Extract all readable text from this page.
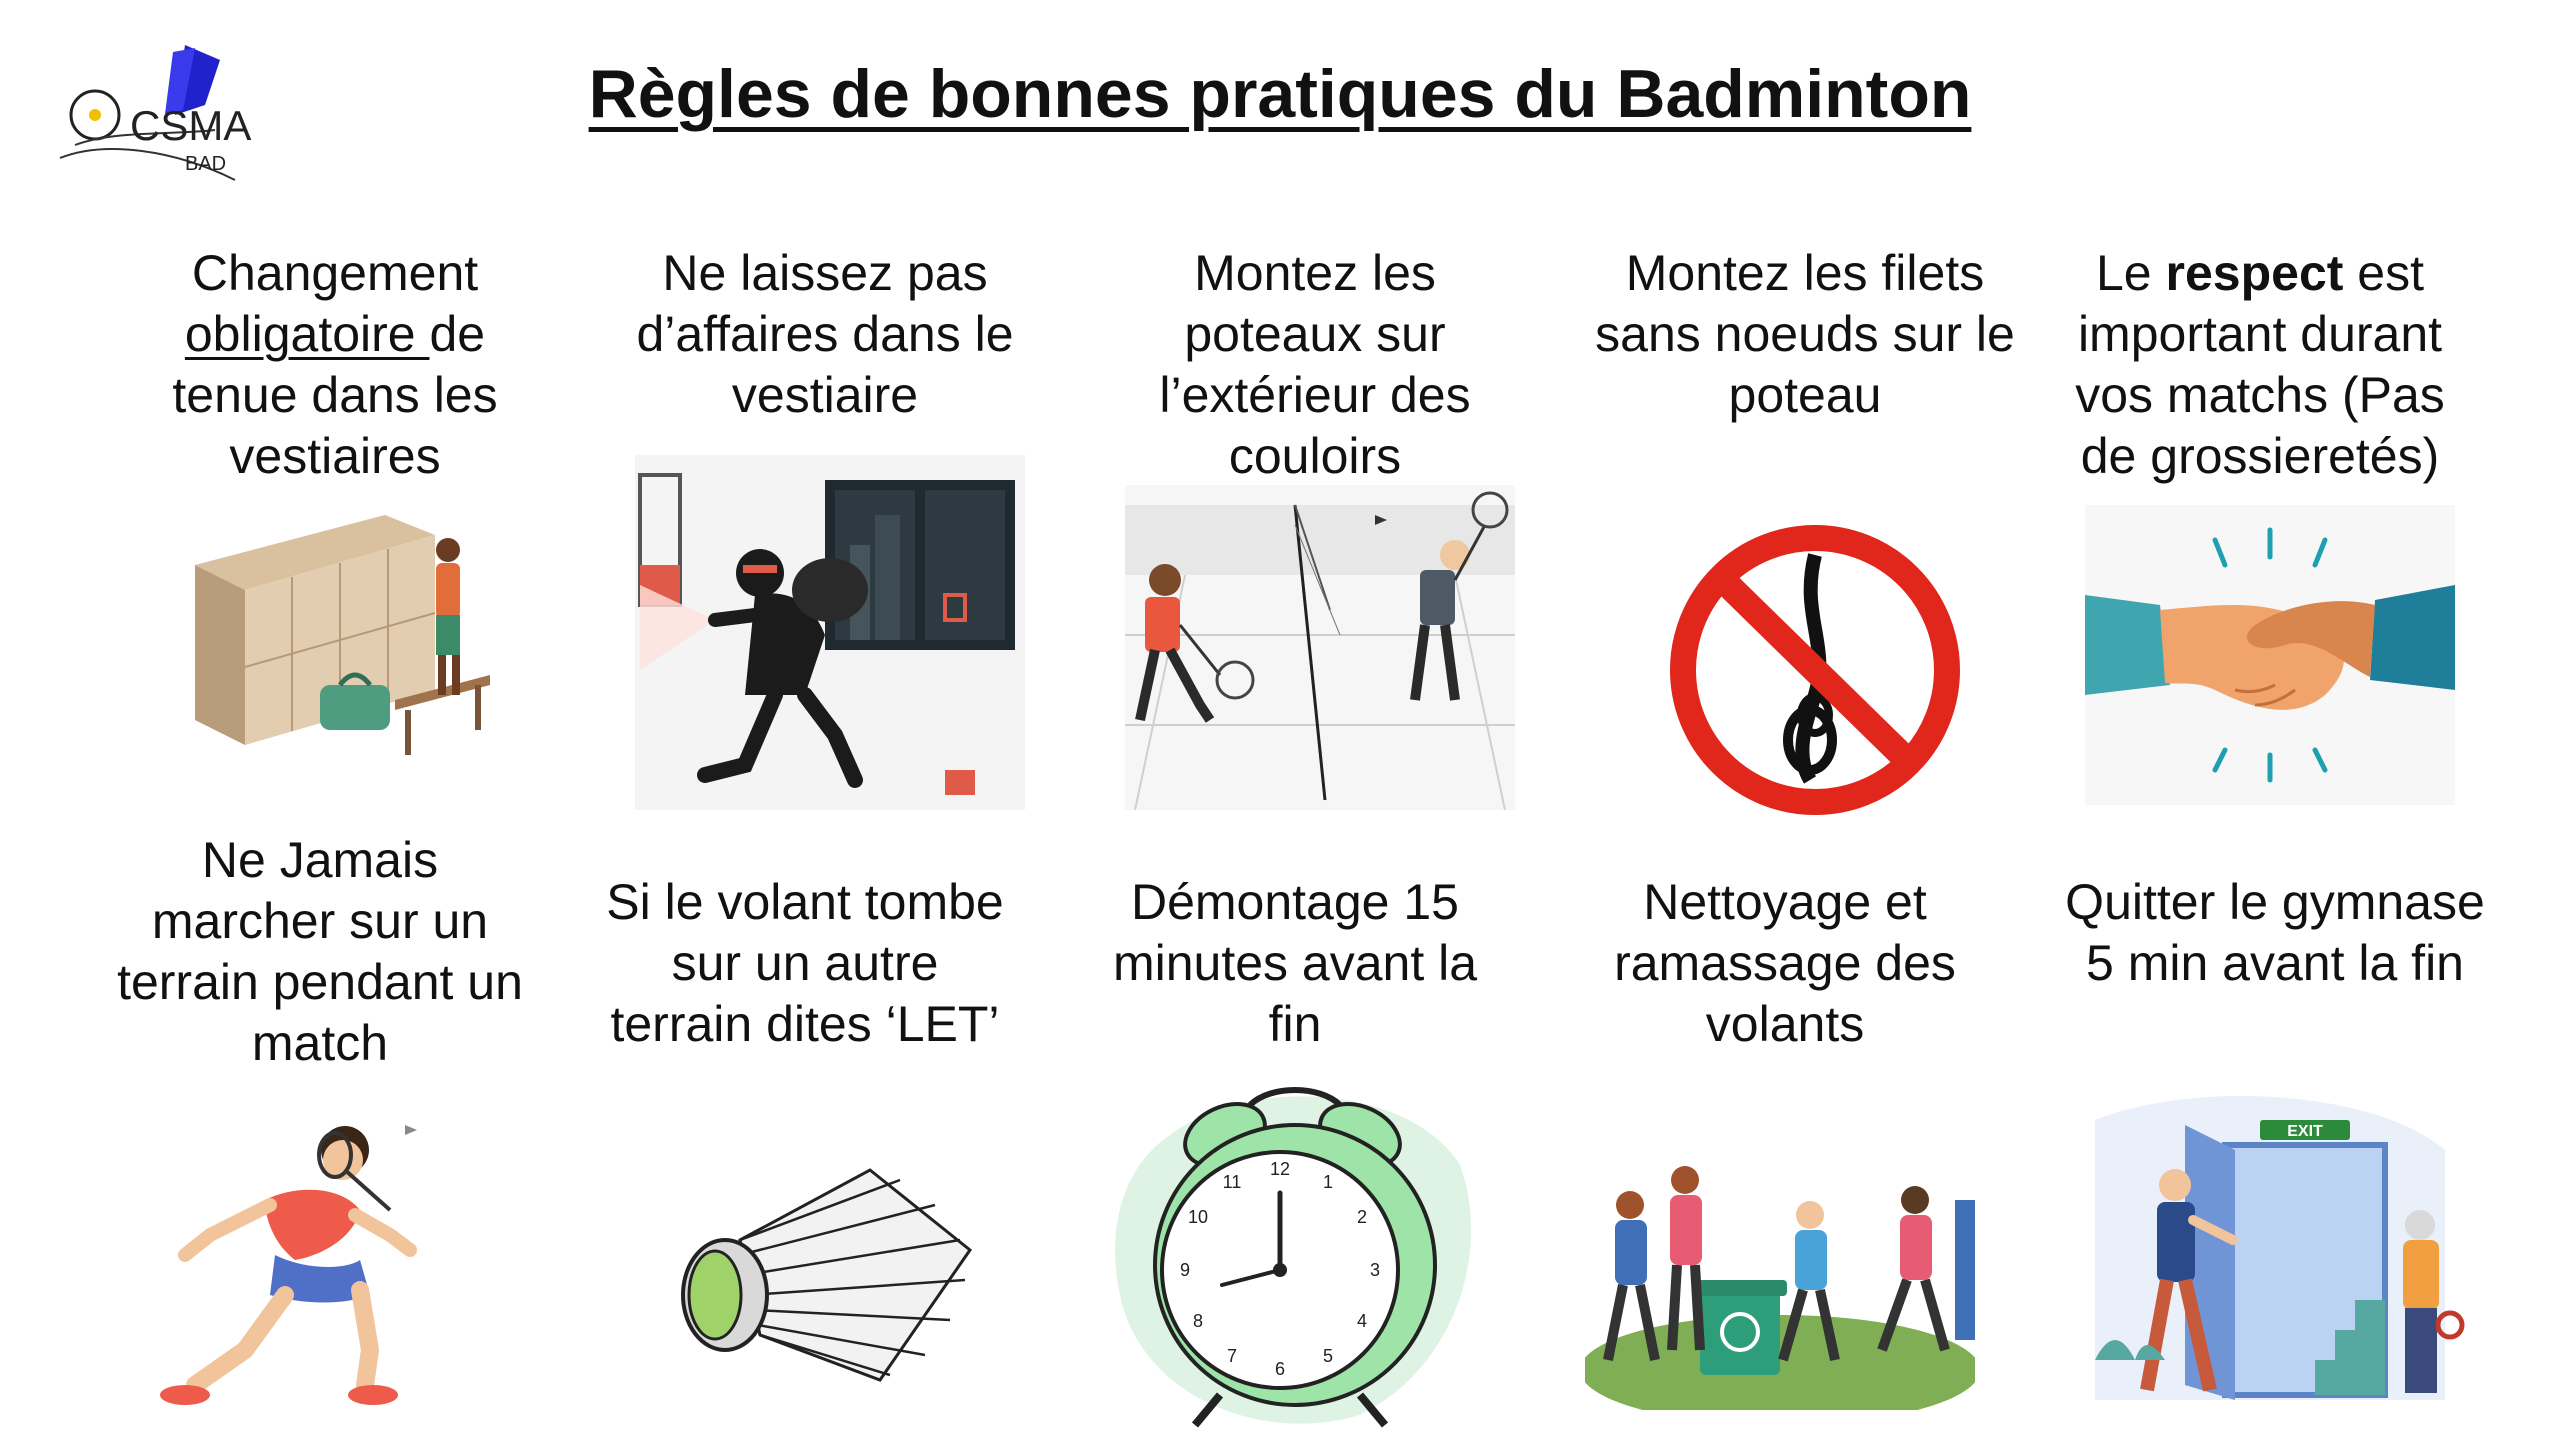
CSMA
BAD
Règles de bonnes pratiques du Badminton
Changement obligatoire de tenue dans les vestiaires
Ne laissez pas d’affaires dans le vestiaire
Montez les poteaux sur l’extérieur des couloirs
Montez les filets sans noeuds sur le poteau
Le respect est important durant vos matchs (Pas de grossieretés)
Ne Jamais marcher sur un terrain pendant un match
Si le volant tombe sur un autre terrain dites ‘LET’
Démontage 15 minutes avant la fin
Nettoyage et ramassage des volants
Quitter le gymnase 5 min avant la fin
12
1
2
3
4
5
6
7
8
9
10
11
EXIT
